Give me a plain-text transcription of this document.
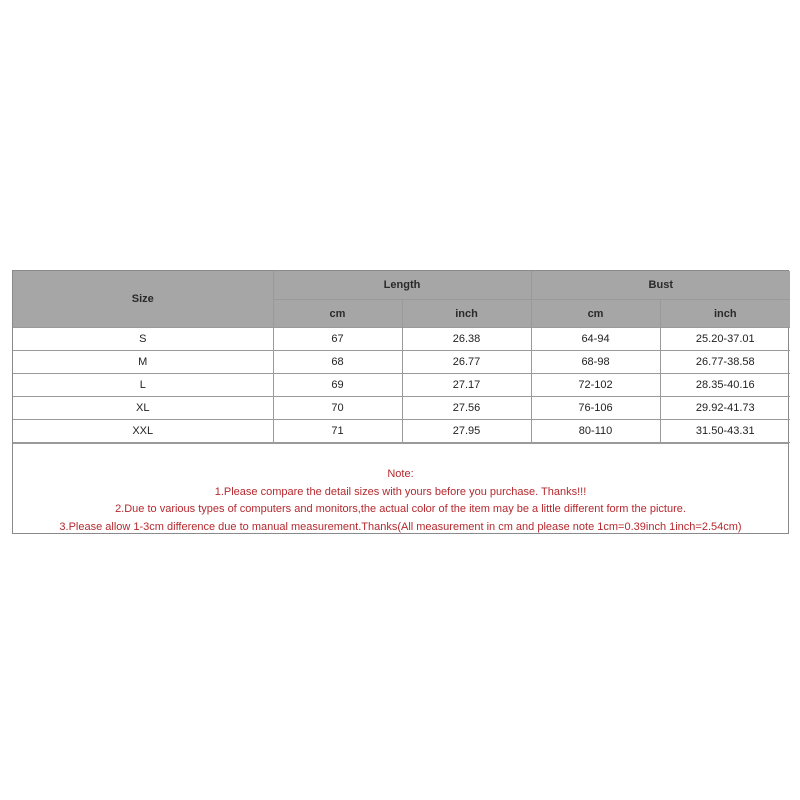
Size	Length		Bust	
	cm	inch	cm	inch
S	67	26.38	64-94	25.20-37.01
M	68	26.77	68-98	26.77-38.58
L	69	27.17	72-102	28.35-40.16
XL	70	27.56	76-106	29.92-41.73
XXL	71	27.95	80-110	31.50-43.31
Note:
1.Please compare the detail sizes with yours before you purchase. Thanks!!!
2.Due to various types of computers and monitors,the actual color of the item may be a little different form the picture.
3.Please allow 1-3cm difference due to manual measurement.Thanks(All measurement in cm and please note 1cm=0.39inch 1inch=2.54cm)
